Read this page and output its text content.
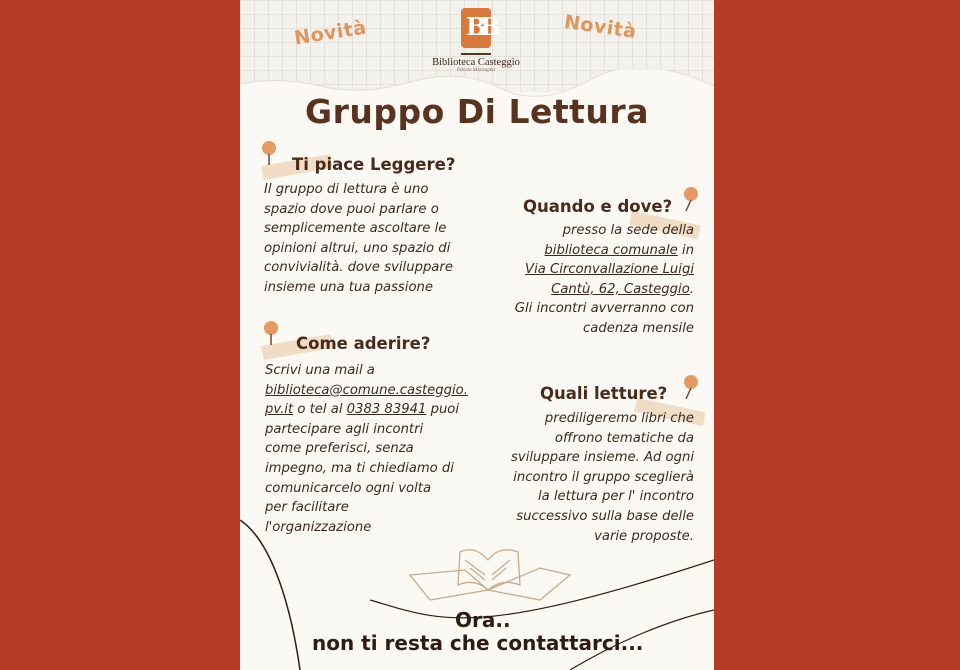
Novità	Novità
BB
Biblioteca Casteggio
Pelosio Mazzagatti
Gruppo Di Lettura
Ti piace Leggere?
Il gruppo di lettura è uno
spazio dove puoi parlare o
semplicemente ascoltare le
opinioni altrui, uno spazio di
convivialità. dove sviluppare
insieme una tua passione
Quando e dove?
presso la sede della
biblioteca comunale in
Via Circonvallazione Luigi
Cantù, 62, Casteggio.
Gli incontri avverranno con
cadenza mensile
Come aderire?
Scrivi una mail a
biblioteca@comune.casteggio.
pv.it o tel al 0383 83941 puoi
partecipare agli incontri
come preferisci, senza
impegno, ma ti chiediamo di
comunicarcelo ogni volta
per facilitare
l'organizzazione
Quali letture?
prediligeremo libri che
offrono tematiche da
sviluppare insieme. Ad ogni
incontro il gruppo sceglierà
la lettura per l' incontro
successivo sulla base delle
varie proposte.
Ora..
non ti resta che contattarci...
